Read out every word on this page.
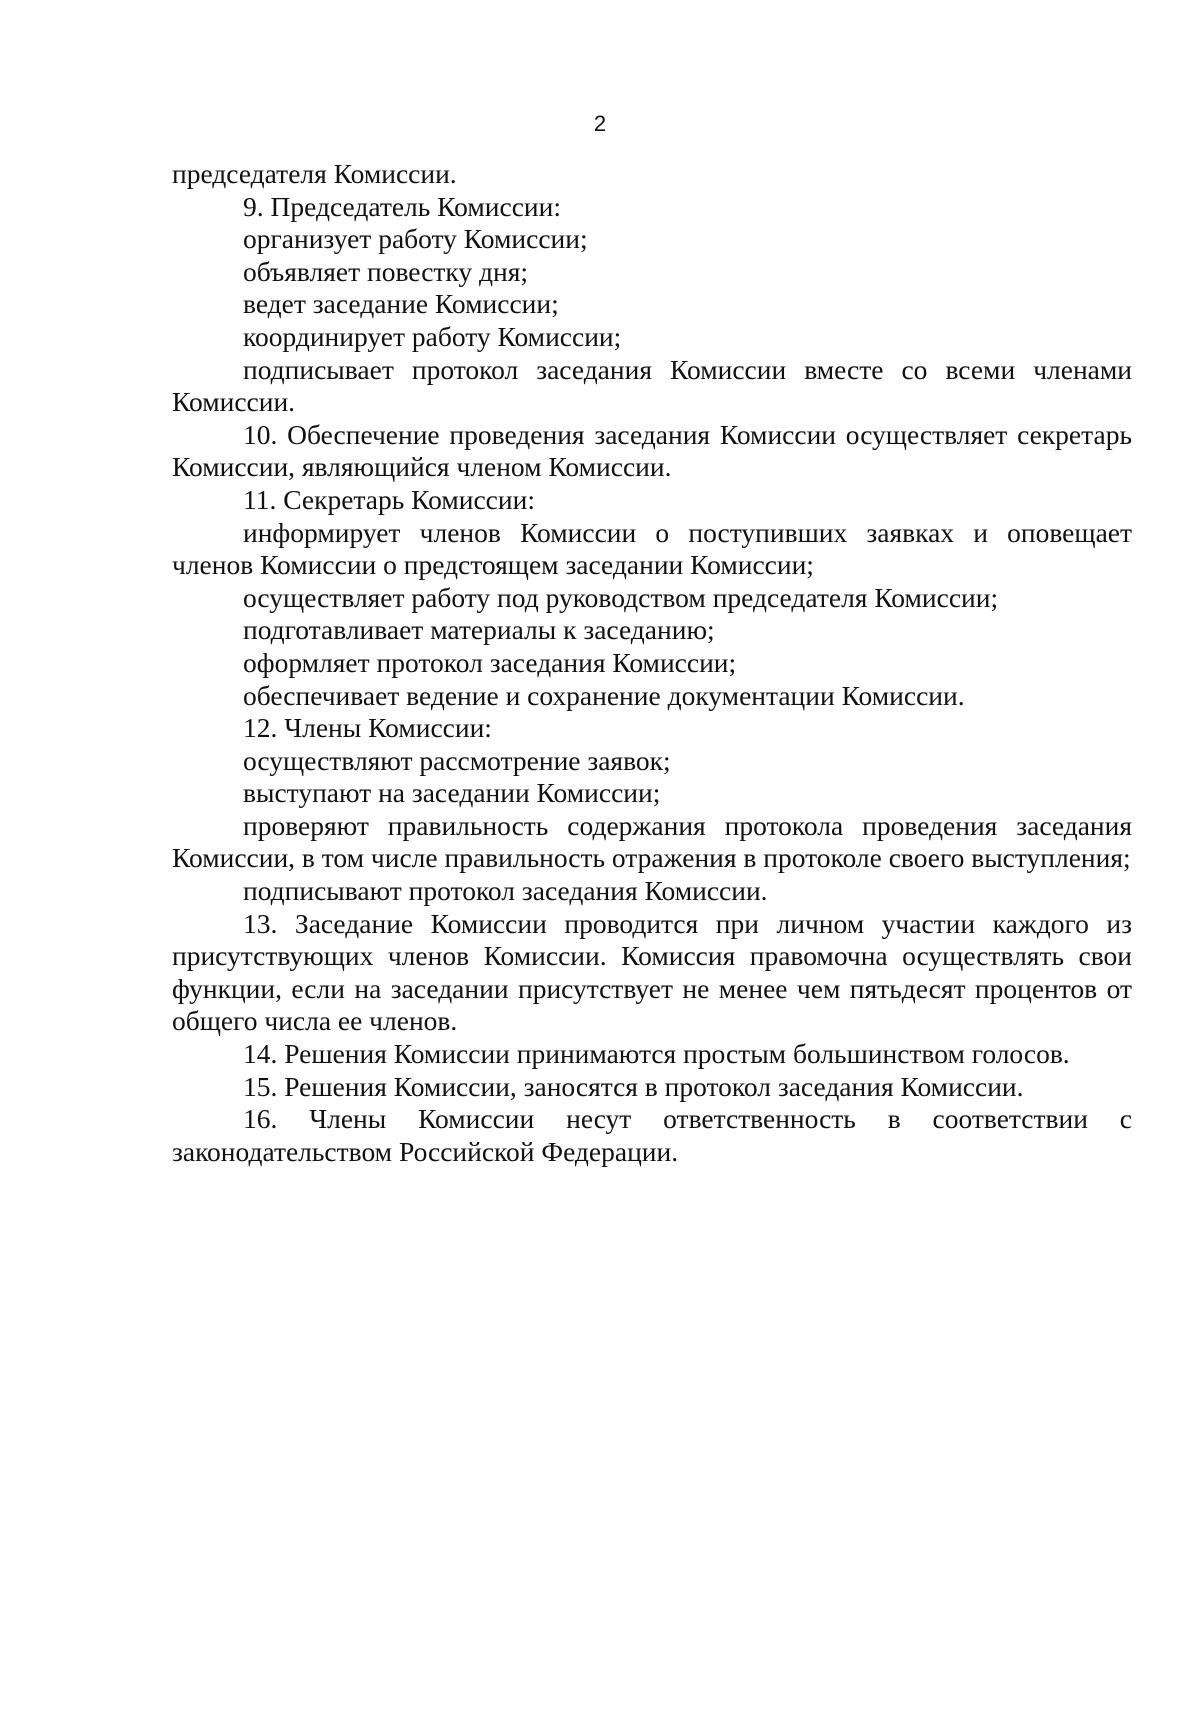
2

председателя Комиссии.

9. Председатель Комиссии:

организует работу Комиссии;

объявляет повестку дня;

ведет заседание Комиссии;

координирует работу Комиссии;

подписывает протокол заседания Комиссии вместе со всеми членами Комиссии.

10. Обеспечение проведения заседания Комиссии осуществляет секретарь Комиссии, являющийся членом Комиссии.

11. Секретарь Комиссии:

информирует членов Комиссии о поступивших заявках и оповещает членов Комиссии о предстоящем заседании Комиссии;

осуществляет работу под руководством председателя Комиссии;

подготавливает материалы к заседанию;

оформляет протокол заседания Комиссии;

обеспечивает ведение и сохранение документации Комиссии.

12. Члены Комиссии:

осуществляют рассмотрение заявок;

выступают на заседании Комиссии;

проверяют правильность содержания протокола проведения заседания Комиссии, в том числе правильность отражения в протоколе своего выступления;

подписывают протокол заседания Комиссии.

13. Заседание Комиссии проводится при личном участии каждого из присутствующих членов Комиссии. Комиссия правомочна осуществлять свои функции, если на заседании присутствует не менее чем пятьдесят процентов от общего числа ее членов.

14. Решения Комиссии принимаются простым большинством голосов.

15. Решения Комиссии, заносятся в протокол заседания Комиссии.

16. Члены Комиссии несут ответственность в соответствии с законодательством Российской Федерации.
